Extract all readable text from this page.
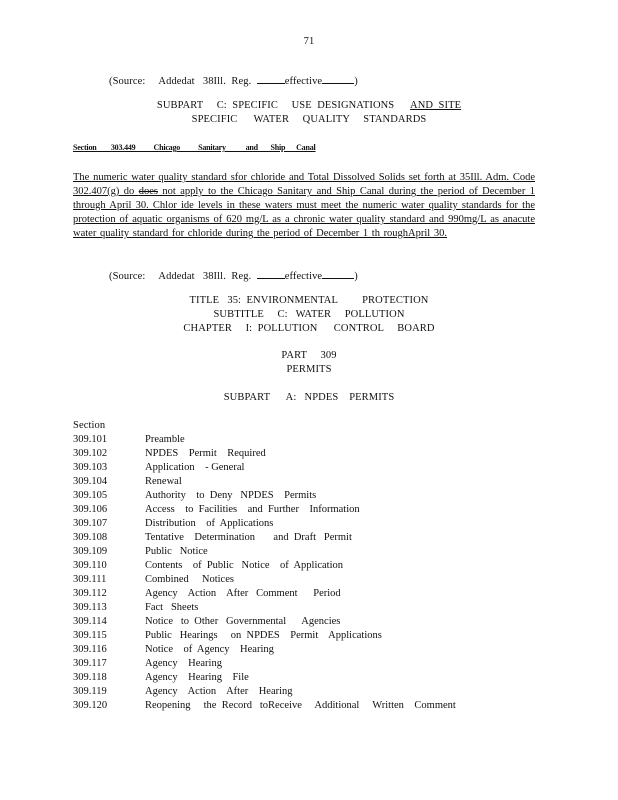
71
(Source:     Addedat   38Ill.  Reg.	effective	)
SUBPART     C:  SPECIFIC     USE  DESIGNATIONS AND  SITE
SPECIFIC      WATER     QUALITY     STANDARDS
Section        303.449          Chicago          Sanitary           and       Ship      Canal
The numeric water quality standard sfor chloride and Total Dissolved Solids set forth at 35Ill. Adm. Code 302.407(g) do does not apply to the Chicago Sanitary and Ship Canal during the period of December 1 through April 30. Chlor ide levels in these waters must meet the numeric water quality standards for the protection of aquatic organisms of 620 mg/L as a chronic water quality standard and 990mg/L as anacute water quality standard for chloride during the period of December 1 th roughApril 30.
(Source:     Addedat   38Ill.  Reg.	effective	)
TITLE   35:  ENVIRONMENTAL         PROTECTION
SUBTITLE     C:   WATER     POLLUTION
CHAPTER     I:  POLLUTION      CONTROL     BOARD
PART     309
PERMITS
SUBPART      A:   NPDES    PERMITS
Section
309.101	Preamble
309.102	NPDES    Permit    Required
309.103	Application    - General
309.104	Renewal
309.105	Authority    to  Deny   NPDES    Permits
309.106	Access    to  Facilities    and  Further    Information
309.107	Distribution    of  Applications
309.108	Tentative    Determination       and  Draft   Permit
309.109	Public   Notice
309.110	Contents    of  Public   Notice    of  Application
309.111	Combined     Notices
309.112	Agency    Action    After   Comment      Period
309.113	Fact   Sheets
309.114	Notice   to  Other   Governmental      Agencies
309.115	Public   Hearings     on  NPDES    Permit    Applications
309.116	Notice    of  Agency    Hearing
309.117	Agency    Hearing
309.118	Agency    Hearing    File
309.119	Agency    Action    After    Hearing
309.120	Reopening     the  Record   toReceive     Additional     Written    Comment
